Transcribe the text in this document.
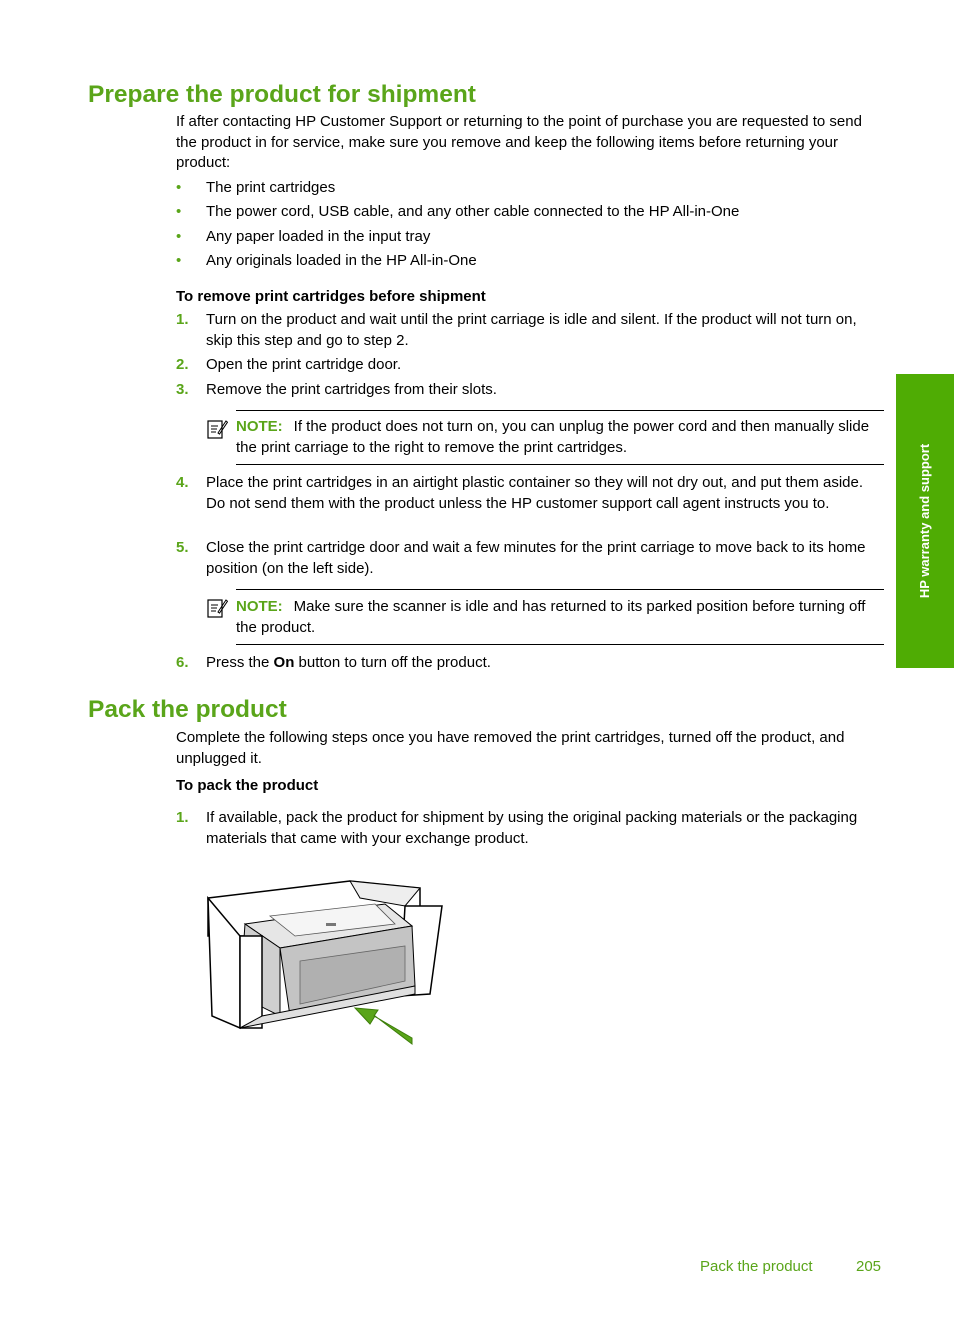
Prepare the product for shipment

If after contacting HP Customer Support or returning to the point of purchase you are requested to send the product in for service, make sure you remove and keep the following items before returning your product:

• The print cartridges
• The power cord, USB cable, and any other cable connected to the HP All-in-One
• Any paper loaded in the input tray
• Any originals loaded in the HP All-in-One

To remove print cartridges before shipment

1. Turn on the product and wait until the print carriage is idle and silent. If the product will not turn on, skip this step and go to step 2.
2. Open the print cartridge door.
3. Remove the print cartridges from their slots.
NOTE: If the product does not turn on, you can unplug the power cord and then manually slide the print carriage to the right to remove the print cartridges.
4. Place the print cartridges in an airtight plastic container so they will not dry out, and put them aside. Do not send them with the product unless the HP customer support call agent instructs you to.
5. Close the print cartridge door and wait a few minutes for the print carriage to move back to its home position (on the left side).
NOTE: Make sure the scanner is idle and has returned to its parked position before turning off the product.
6. Press the On button to turn off the product.
Pack the product

Complete the following steps once you have removed the print cartridges, turned off the product, and unplugged it.

To pack the product

1. If available, pack the product for shipment by using the original packing materials or the packaging materials that came with your exchange product.
HP warranty and support
Pack the product	205
